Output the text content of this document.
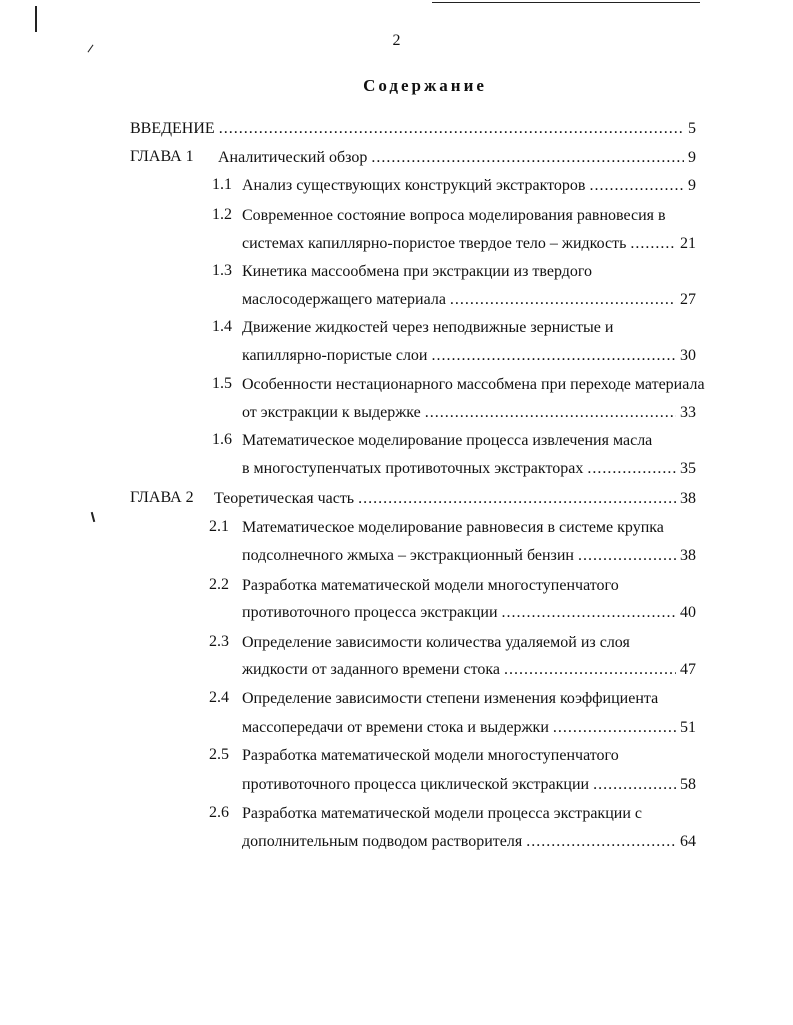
2
Содержание
ВВЕДЕНИЕ .....	5
ГЛАВА 1 Аналитический обзор .....	9
1.1 Анализ существующих конструкций экстракторов .....	9
1.2 Современное состояние вопроса моделирования равновесия в
системах капиллярно-пористое твердое тело – жидкость .....	21
1.3 Кинетика массообмена при экстракции из твердого
маслосодержащего материала .....	27
1.4 Движение жидкостей через неподвижные зернистые и
капиллярно-пористые слои .....	30
1.5 Особенности нестационарного массобмена при переходе материала
от экстракции к выдержке .....	33
1.6 Математическое моделирование процесса извлечения масла
в многоступенчатых противоточных экстракторах .....	35
ГЛАВА 2 Теоретическая часть .....	38
2.1 Математическое моделирование равновесия в системе крупка
подсолнечного жмыха – экстракционный бензин .....	38
2.2 Разработка математической модели многоступенчатого
противоточного процесса экстракции .....	40
2.3 Определение зависимости количества удаляемой из слоя
жидкости от заданного времени стока .....	47
2.4 Определение зависимости степени изменения коэффициента
массопередачи от времени стока и выдержки .....	51
2.5 Разработка математической модели многоступенчатого
противоточного процесса циклической экстракции .....	58
2.6 Разработка математической модели процесса экстракции с
дополнительным подводом растворителя .....	64
